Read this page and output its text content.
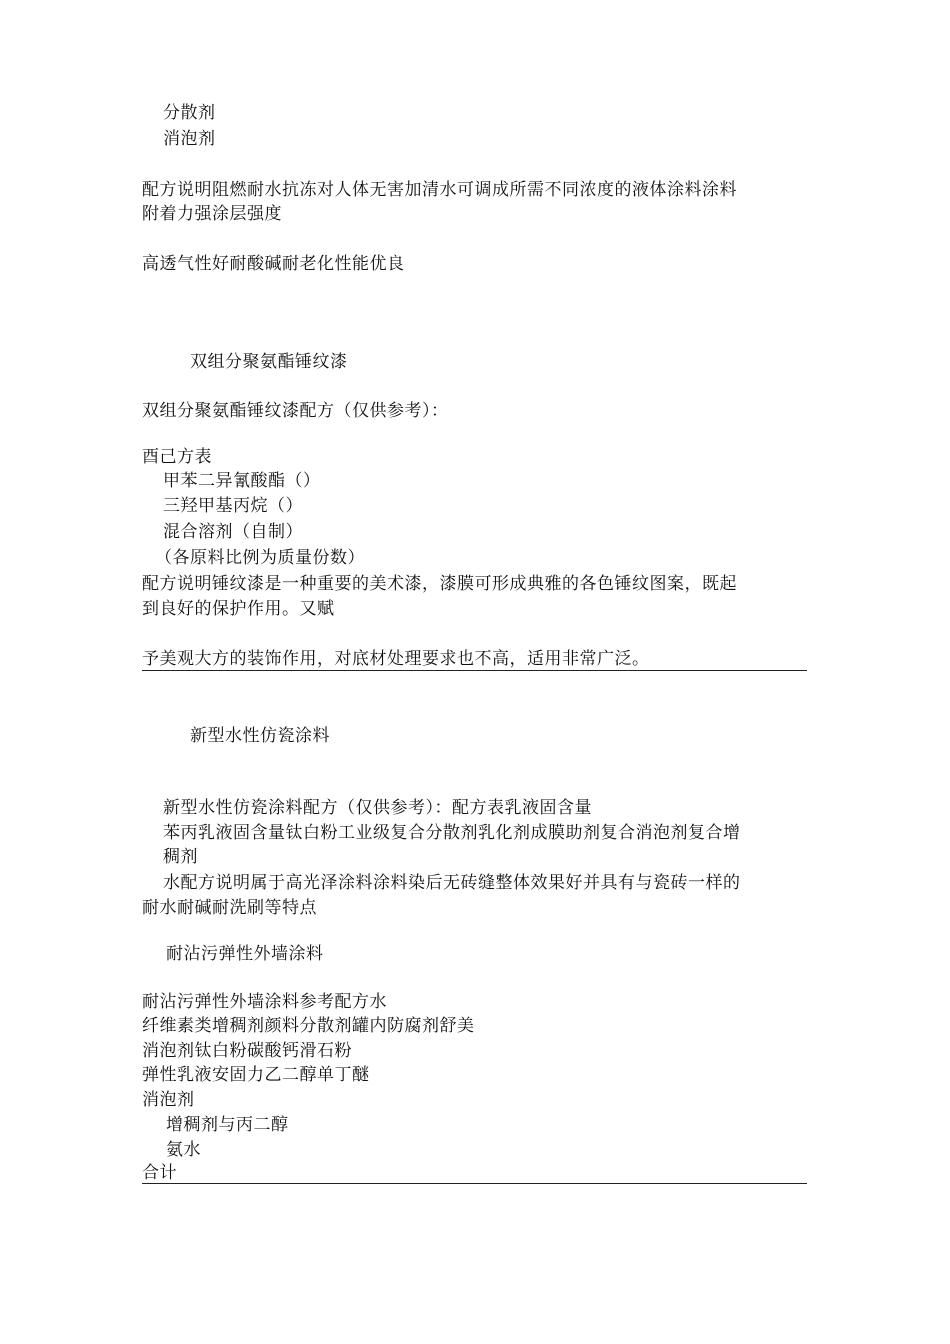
分散剂
消泡剂
配方说明阻燃耐水抗冻对人体无害加清水可调成所需不同浓度的液体涂料涂料
附着力强涂层强度
高透气性好耐酸碱耐老化性能优良
双组分聚氨酯锤纹漆
双组分聚氨酯锤纹漆配方（仅供参考）：
酉己方表
甲苯二异氰酸酯（）
三羟甲基丙烷（）
混合溶剂（自制）
（各原料比例为质量份数）
配方说明锤纹漆是一种重要的美术漆，漆膜可形成典雅的各色锤纹图案，既起
到良好的保护作用。又赋
予美观大方的装饰作用，对底材处理要求也不高，适用非常广泛。
新型水性仿瓷涂料
新型水性仿瓷涂料配方（仅供参考）：配方表乳液固含量
苯丙乳液固含量钛白粉工业级复合分散剂乳化剂成膜助剂复合消泡剂复合增
稠剂
水配方说明属于高光泽涂料涂料染后无砖缝整体效果好并具有与瓷砖一样的
耐水耐碱耐洗刷等特点
耐沾污弹性外墙涂料
耐沾污弹性外墙涂料参考配方水
纤维素类增稠剂颜料分散剂罐内防腐剂舒美
消泡剂钛白粉碳酸钙滑石粉
弹性乳液安固力乙二醇单丁醚
消泡剂
增稠剂与丙二醇
氨水
合计
